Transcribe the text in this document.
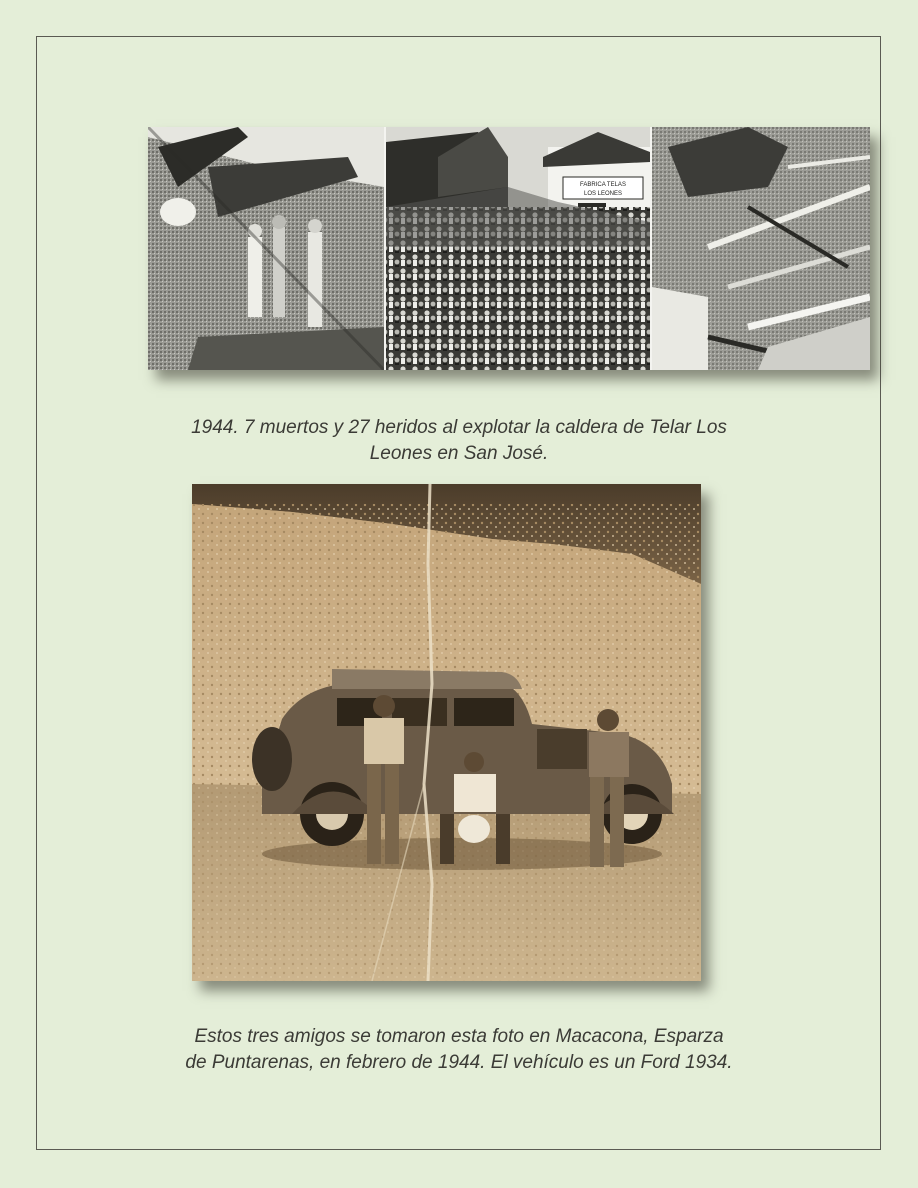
FABRICA TELAS
LOS LEONES
1944. 7 muertos y 27 heridos al explotar la caldera de Telar Los
Leones en San José.
Estos tres amigos se tomaron esta foto en Macacona, Esparza
de Puntarenas, en febrero de 1944. El vehículo es un Ford 1934.
